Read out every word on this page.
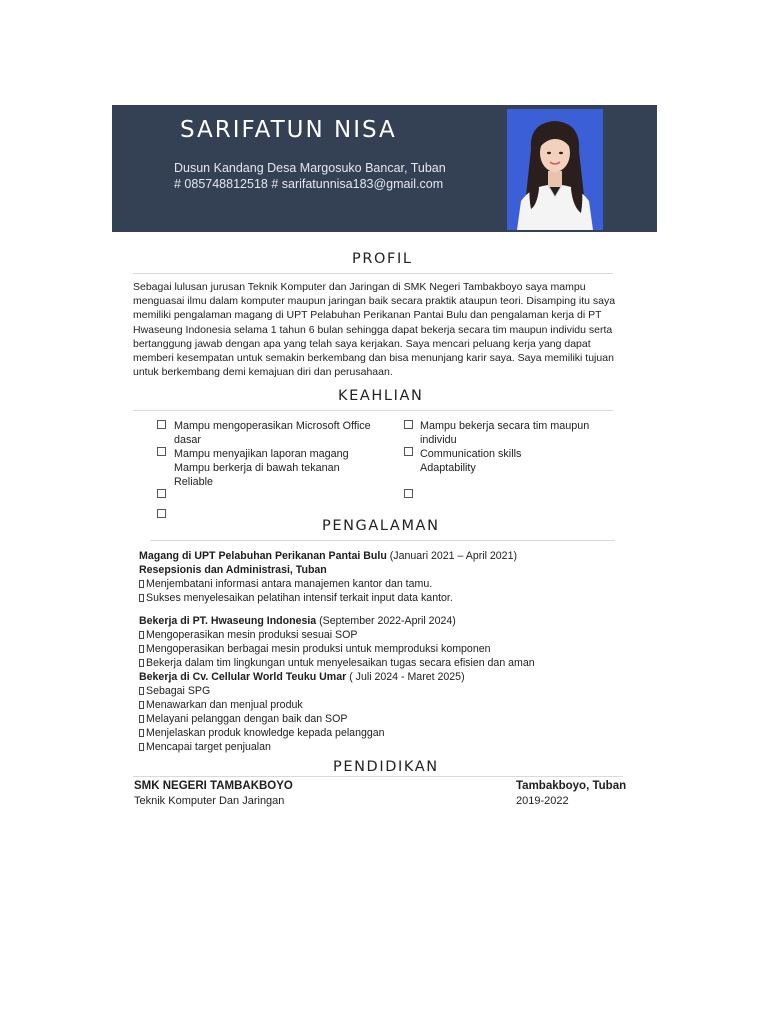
SARIFATUN NISA
Dusun Kandang Desa Margosuko Bancar, Tuban
# 085748812518 # sarifatunnisa183@gmail.com
PROFIL
Sebagai lulusan jurusan Teknik Komputer dan Jaringan di SMK Negeri Tambakboyo saya mampu
menguasai ilmu dalam komputer maupun jaringan baik secara praktik ataupun teori. Disamping itu saya
memiliki pengalaman magang di UPT Pelabuhan Perikanan Pantai Bulu dan pengalaman kerja di PT
Hwaseung Indonesia selama 1 tahun 6 bulan sehingga dapat bekerja secara tim maupun individu serta
bertanggung jawab dengan apa yang telah saya kerjakan. Saya mencari peluang kerja yang dapat
memberi kesempatan untuk semakin berkembang dan bisa menunjang karir saya. Saya memiliki tujuan
untuk berkembang demi kemajuan diri dan perusahaan.
KEAHLIAN
Mampu mengoperasikan Microsoft Office
dasar
Mampu menyajikan laporan magang
Mampu berkerja di bawah tekanan
Reliable
Mampu bekerja secara tim maupun
individu
Communication skills
Adaptability
PENGALAMAN
Magang di UPT Pelabuhan Perikanan Pantai Bulu (Januari 2021 – April 2021)
Resepsionis dan Administrasi, Tuban
Menjembatani informasi antara manajemen kantor dan tamu.
Sukses menyelesaikan pelatihan intensif terkait input data kantor.
Bekerja di PT. Hwaseung Indonesia (September 2022-April 2024)
Mengoperasikan mesin produksi sesuai SOP
Mengoperasikan berbagai mesin produksi untuk memproduksi komponen
Bekerja dalam tim lingkungan untuk menyelesaikan tugas secara efisien dan aman
Bekerja di Cv. Cellular World Teuku Umar ( Juli 2024 - Maret 2025)
Sebagai SPG
Menawarkan dan menjual produk
Melayani pelanggan dengan baik dan SOP
Menjelaskan produk knowledge kepada pelanggan
Mencapai target penjualan
PENDIDIKAN
SMK NEGERI TAMBAKBOYO
Teknik Komputer Dan Jaringan
Tambakboyo, Tuban
2019-2022
